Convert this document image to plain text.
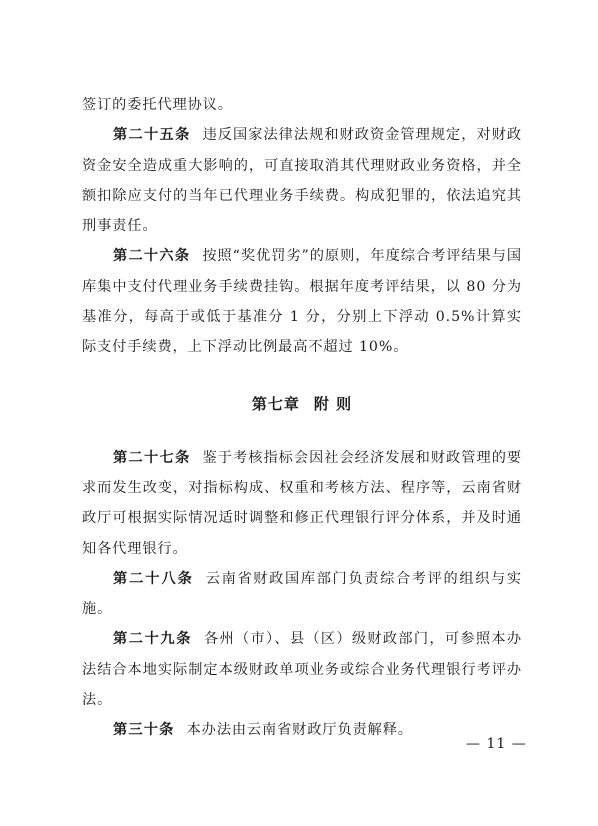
签订的委托代理协议。

第二十五条 违反国家法律法规和财政资金管理规定，对财政资金安全造成重大影响的，可直接取消其代理财政业务资格，并全额扣除应支付的当年已代理业务手续费。构成犯罪的，依法追究其刑事责任。

第二十六条 按照“奖优罚劣”的原则，年度综合考评结果与国库集中支付代理业务手续费挂钩。根据年度考评结果，以 80 分为基准分，每高于或低于基准分 1 分，分别上下浮动 0.5%计算实际支付手续费，上下浮动比例最高不超过 10%。

第七章 附 则

第二十七条 鉴于考核指标会因社会经济发展和财政管理的要求而发生改变，对指标构成、权重和考核方法、程序等，云南省财政厅可根据实际情况适时调整和修正代理银行评分体系，并及时通知各代理银行。

第二十八条 云南省财政国库部门负责综合考评的组织与实施。

第二十九条 各州（市）、县（区）级财政部门，可参照本办法结合本地实际制定本级财政单项业务或综合业务代理银行考评办法。

第三十条 本办法由云南省财政厅负责解释。

— 11 —
